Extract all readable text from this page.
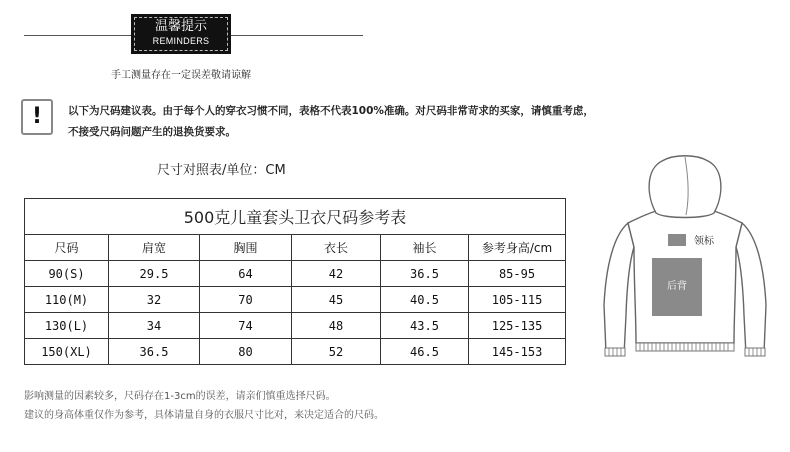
温馨提示
REMINDERS
手工测量存在一定误差敬请谅解
!	以下为尺码建议表。由于每个人的穿衣习惯不同，表格不代表100%准确。对尺码非常苛求的买家，请慎重考虑，
不接受尺码问题产生的退换货要求。
尺寸对照表/单位：CM
500克儿童套头卫衣尺码参考表					
尺码	肩宽	胸围	衣长	袖长	参考身高/cm
90(S)	29.5	64	42	36.5	85-95
110(M)	32	70	45	40.5	105-115
130(L)	34	74	48	43.5	125-135
150(XL)	36.5	80	52	46.5	145-153
影响测量的因素较多，尺码存在1-3cm的误差，请亲们慎重选择尺码。
建议的身高体重仅作为参考，具体请量自身的衣服尺寸比对，来决定适合的尺码。
领标
后背
